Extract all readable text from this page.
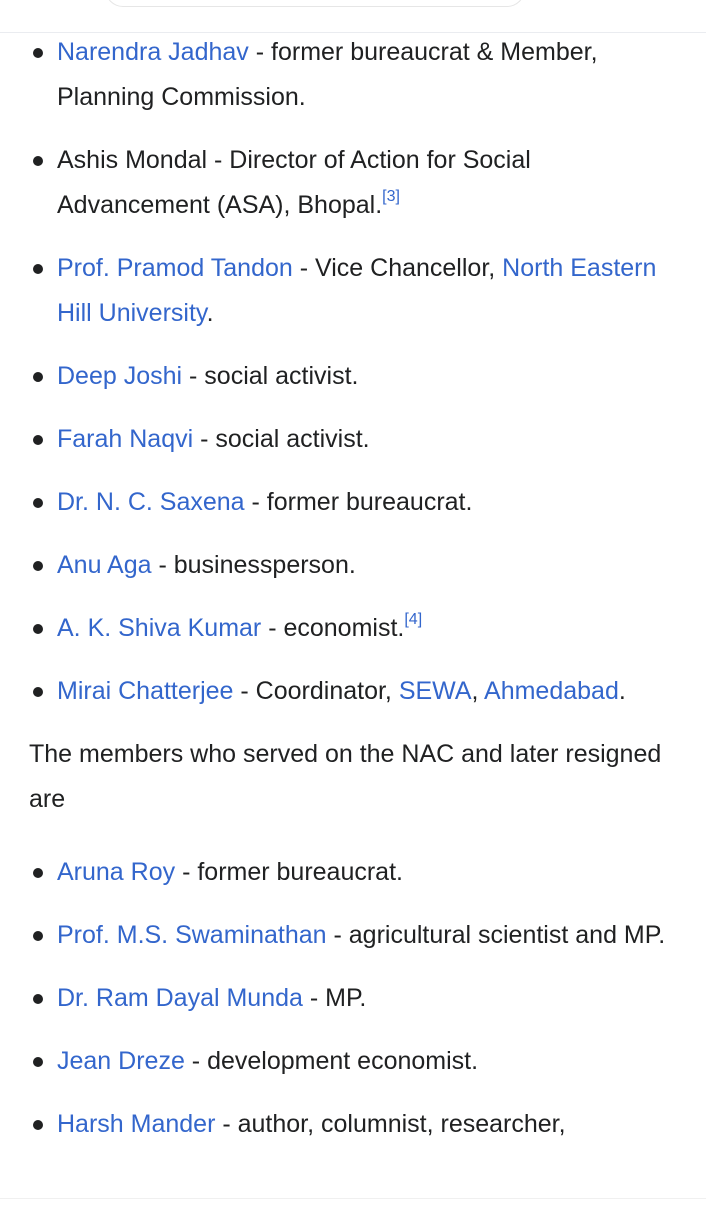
Narendra Jadhav - former bureaucrat & Member, Planning Commission.
Ashis Mondal - Director of Action for Social Advancement (ASA), Bhopal.[3]
Prof. Pramod Tandon - Vice Chancellor, North Eastern Hill University.
Deep Joshi - social activist.
Farah Naqvi - social activist.
Dr. N. C. Saxena - former bureaucrat.
Anu Aga - businessperson.
A. K. Shiva Kumar - economist.[4]
Mirai Chatterjee - Coordinator, SEWA, Ahmedabad.

The members who served on the NAC and later resigned are

Aruna Roy - former bureaucrat.
Prof. M.S. Swaminathan - agricultural scientist and MP.
Dr. Ram Dayal Munda - MP.
Jean Dreze - development economist.
Harsh Mander - author, columnist, researcher,
